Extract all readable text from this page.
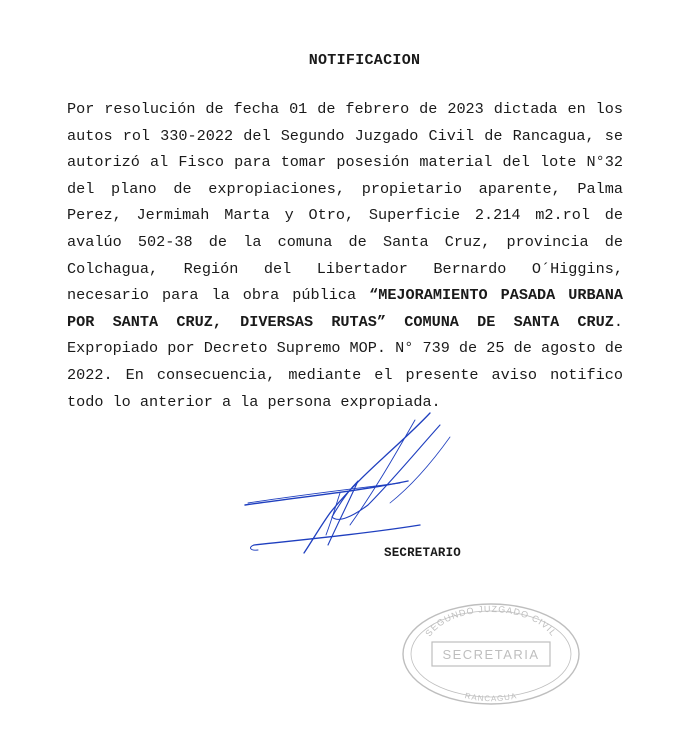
NOTIFICACION
Por resolución de fecha 01 de febrero de 2023 dictada en los autos rol 330-2022 del Segundo Juzgado Civil de Rancagua, se autorizó al Fisco para tomar posesión material del lote N°32 del plano de expropiaciones, propietario aparente, Palma Perez, Jermimah Marta y Otro, Superficie 2.214 m2.rol de avalúo 502-38 de la comuna de Santa Cruz, provincia de Colchagua, Región del Libertador Bernardo O´Higgins, necesario para la obra pública “MEJORAMIENTO PASADA URBANA POR SANTA CRUZ, DIVERSAS RUTAS” COMUNA DE SANTA CRUZ. Expropiado por Decreto Supremo MOP. N° 739 de 25 de agosto de 2022. En consecuencia, mediante el presente aviso notifico todo lo anterior a la persona expropiada.
SECRETARIO
SEGUNDO JUZGADO CIVIL
SECRETARIA
RANCAGUA
